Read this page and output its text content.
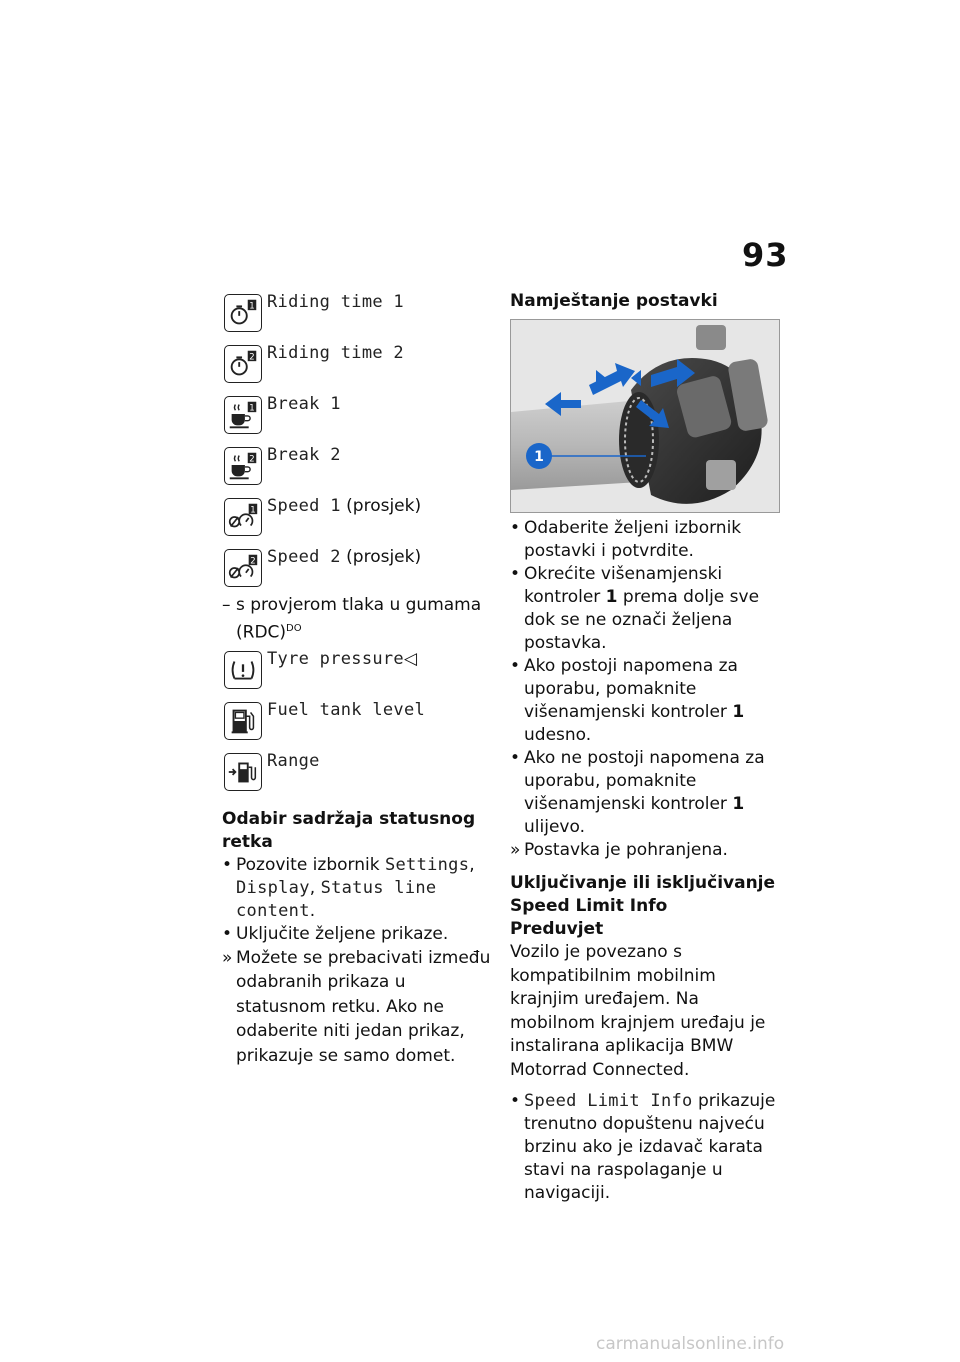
93
1 Riding time 1
2 Riding time 2
1 Break 1
2 Break 2
1 Speed 1 (prosjek)
2 Speed 2 (prosjek)
– s provjerom tlaka u gumama (RDC)$^{DO}$
Tyre pressure◁
Fuel tank level
Range
Odabir sadržaja statusnog retka
• Pozovite izbornik Settings, Display, Status line content.
• Uključite željene prikaze.
» Možete se prebacivati između odabranih prikaza u statusnom retku. Ako ne odaberite niti jedan prikaz, prikazuje se samo domet.
Namještanje postavki
1
• Odaberite željeni izbornik postavki i potvrdite.
• Okrećite višenamjenski kontroler 1 prema dolje sve dok se ne označi željena postavka.
• Ako postoji napomena za uporabu, pomaknite višenamjenski kontroler 1 udesno.
• Ako ne postoji napomena za uporabu, pomaknite višenamjenski kontroler 1 ulijevo.
» Postavka je pohranjena.
Uključivanje ili isključivanje Speed Limit Info
Preduvjet
Vozilo je povezano s kompatibilnim mobilnim krajnjim uređajem. Na mobilnom krajnjem uređaju je instalirana aplikacija BMW Motorrad Connected.
• Speed Limit Info prikazuje trenutno dopuštenu najveću brzinu ako je izdavač karata stavi na raspolaganje u navigaciji.
carmanualsonline.info
